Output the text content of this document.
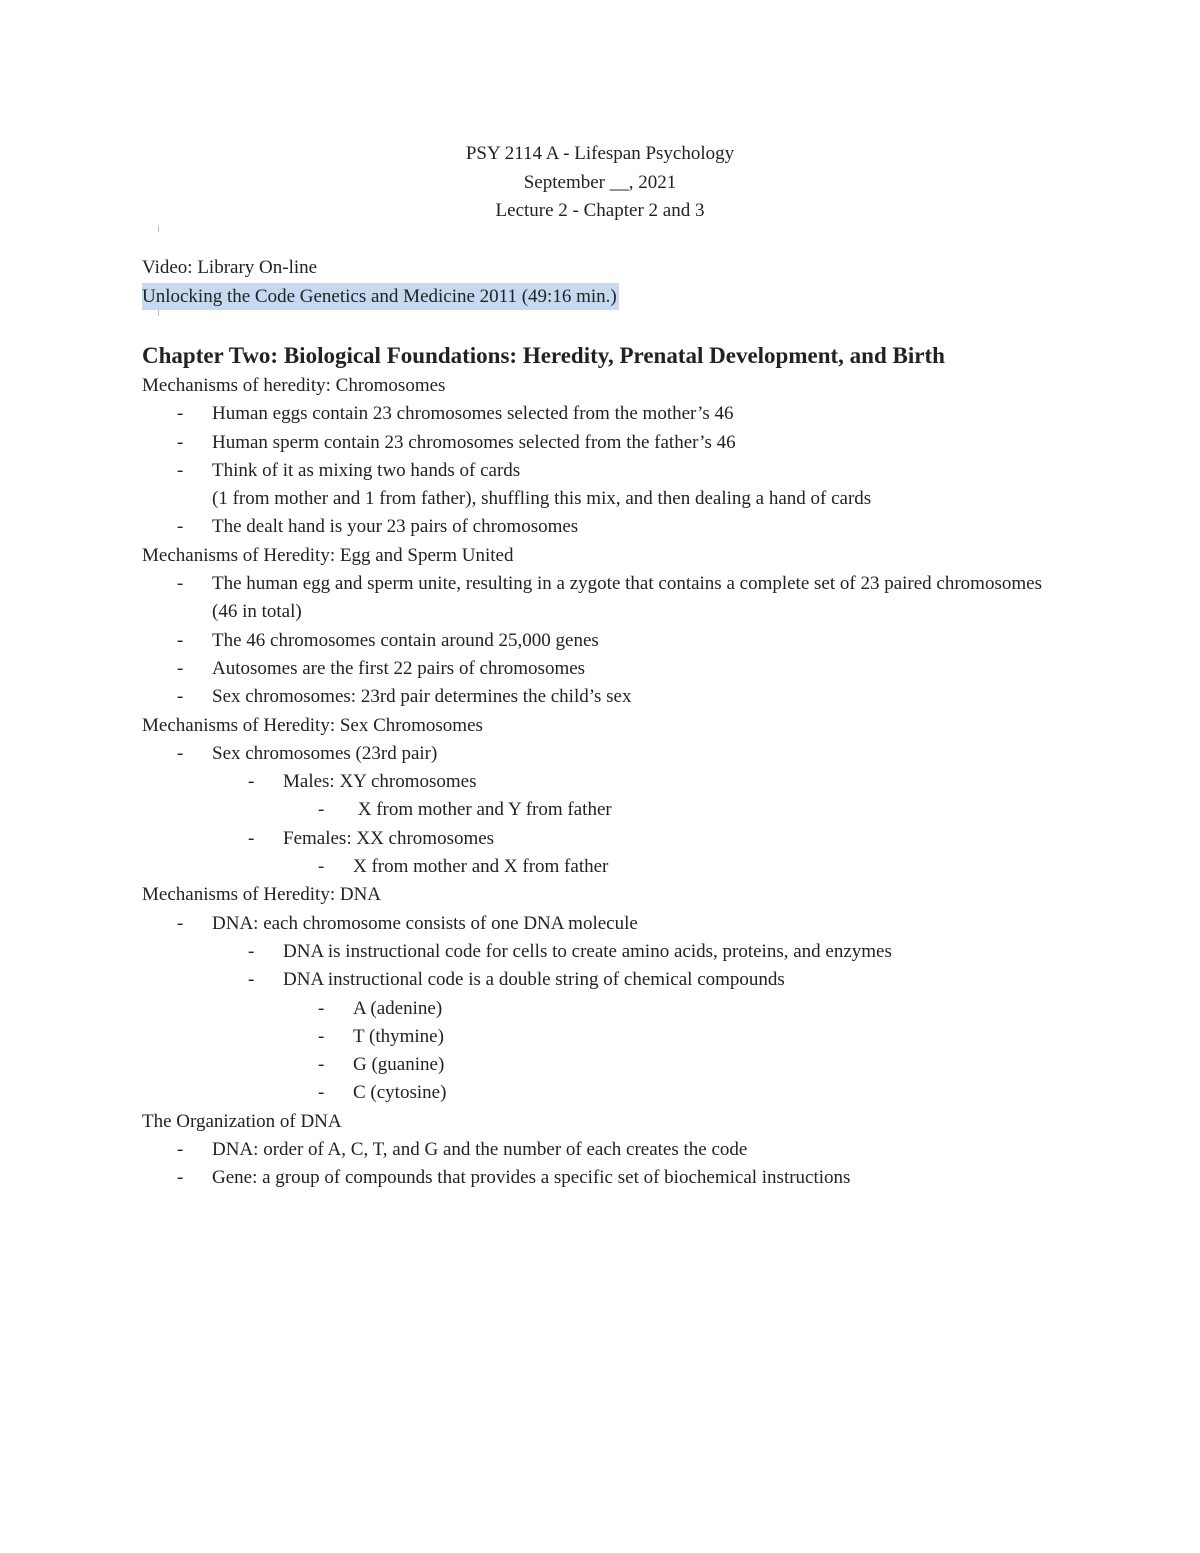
PSY 2114 A - Lifespan Psychology
September __, 2021
Lecture 2 - Chapter 2 and 3
Video: Library On-line
Unlocking the Code Genetics and Medicine 2011 (49:16 min.)
Chapter Two: Biological Foundations: Heredity, Prenatal Development, and Birth
Mechanisms of heredity: Chromosomes
- Human eggs contain 23 chromosomes selected from the mother’s 46
- Human sperm contain 23 chromosomes selected from the father’s 46
- Think of it as mixing two hands of cards
(1 from mother and 1 from father), shuffling this mix, and then dealing a hand of cards
- The dealt hand is your 23 pairs of chromosomes
Mechanisms of Heredity: Egg and Sperm United
- The human egg and sperm unite, resulting in a zygote that contains a complete set of 23 paired chromosomes (46 in total)
- The 46 chromosomes contain around 25,000 genes
- Autosomes are the first 22 pairs of chromosomes
- Sex chromosomes: 23rd pair determines the child’s sex
Mechanisms of Heredity: Sex Chromosomes
- Sex chromosomes (23rd pair)
- Males: XY chromosomes
- X from mother and Y from father
- Females: XX chromosomes
- X from mother and X from father
Mechanisms of Heredity: DNA
- DNA: each chromosome consists of one DNA molecule
- DNA is instructional code for cells to create amino acids, proteins, and enzymes
- DNA instructional code is a double string of chemical compounds
- A (adenine)
- T (thymine)
- G (guanine)
- C (cytosine)
The Organization of DNA
- DNA: order of A, C, T, and G and the number of each creates the code
- Gene: a group of compounds that provides a specific set of biochemical instructions
